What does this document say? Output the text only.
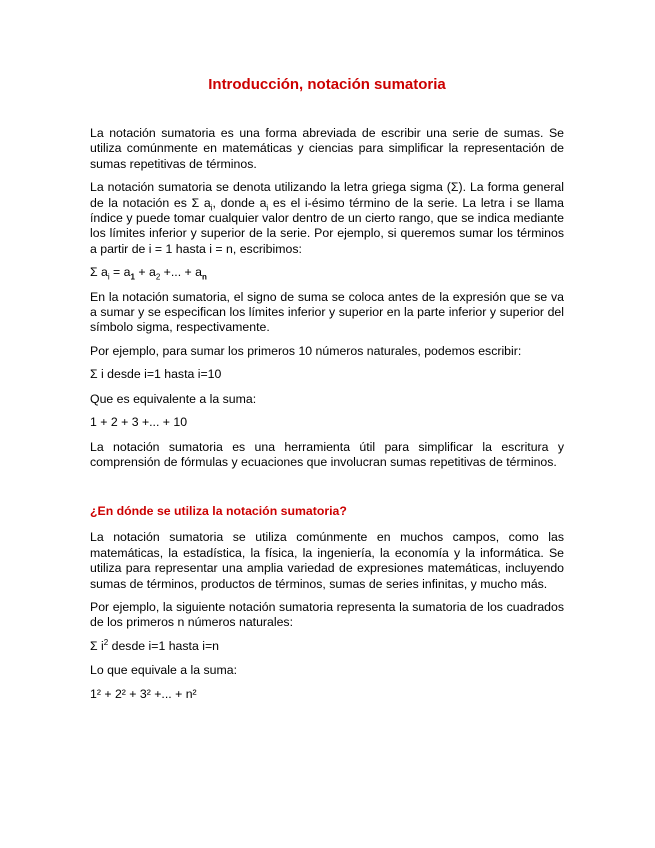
Introducción, notación sumatoria

La notación sumatoria es una forma abreviada de escribir una serie de sumas. Se utiliza comúnmente en matemáticas y ciencias para simplificar la representación de sumas repetitivas de términos.

La notación sumatoria se denota utilizando la letra griega sigma (Σ). La forma general de la notación es Σ $a_i$, donde $a_i$ es el i-ésimo término de la serie. La letra i se llama índice y puede tomar cualquier valor dentro de un cierto rango, que se indica mediante los límites inferior y superior de la serie. Por ejemplo, si queremos sumar los términos a partir de i = 1 hasta i = n, escribimos:

Σ $a_i = a_1 + a_2$ +... + $a_n$

En la notación sumatoria, el signo de suma se coloca antes de la expresión que se va a sumar y se especifican los límites inferior y superior en la parte inferior y superior del símbolo sigma, respectivamente.

Por ejemplo, para sumar los primeros 10 números naturales, podemos escribir:

Σ i desde i=1 hasta i=10

Que es equivalente a la suma:

1 + 2 + 3 +... + 10

La notación sumatoria es una herramienta útil para simplificar la escritura y comprensión de fórmulas y ecuaciones que involucran sumas repetitivas de términos.

¿En dónde se utiliza la notación sumatoria?

La notación sumatoria se utiliza comúnmente en muchos campos, como las matemáticas, la estadística, la física, la ingeniería, la economía y la informática. Se utiliza para representar una amplia variedad de expresiones matemáticas, incluyendo sumas de términos, productos de términos, sumas de series infinitas, y mucho más.

Por ejemplo, la siguiente notación sumatoria representa la sumatoria de los cuadrados de los primeros n números naturales:

Σ $i^2$ desde i=1 hasta i=n

Lo que equivale a la suma:

1² + 2² + 3² +... + n²
